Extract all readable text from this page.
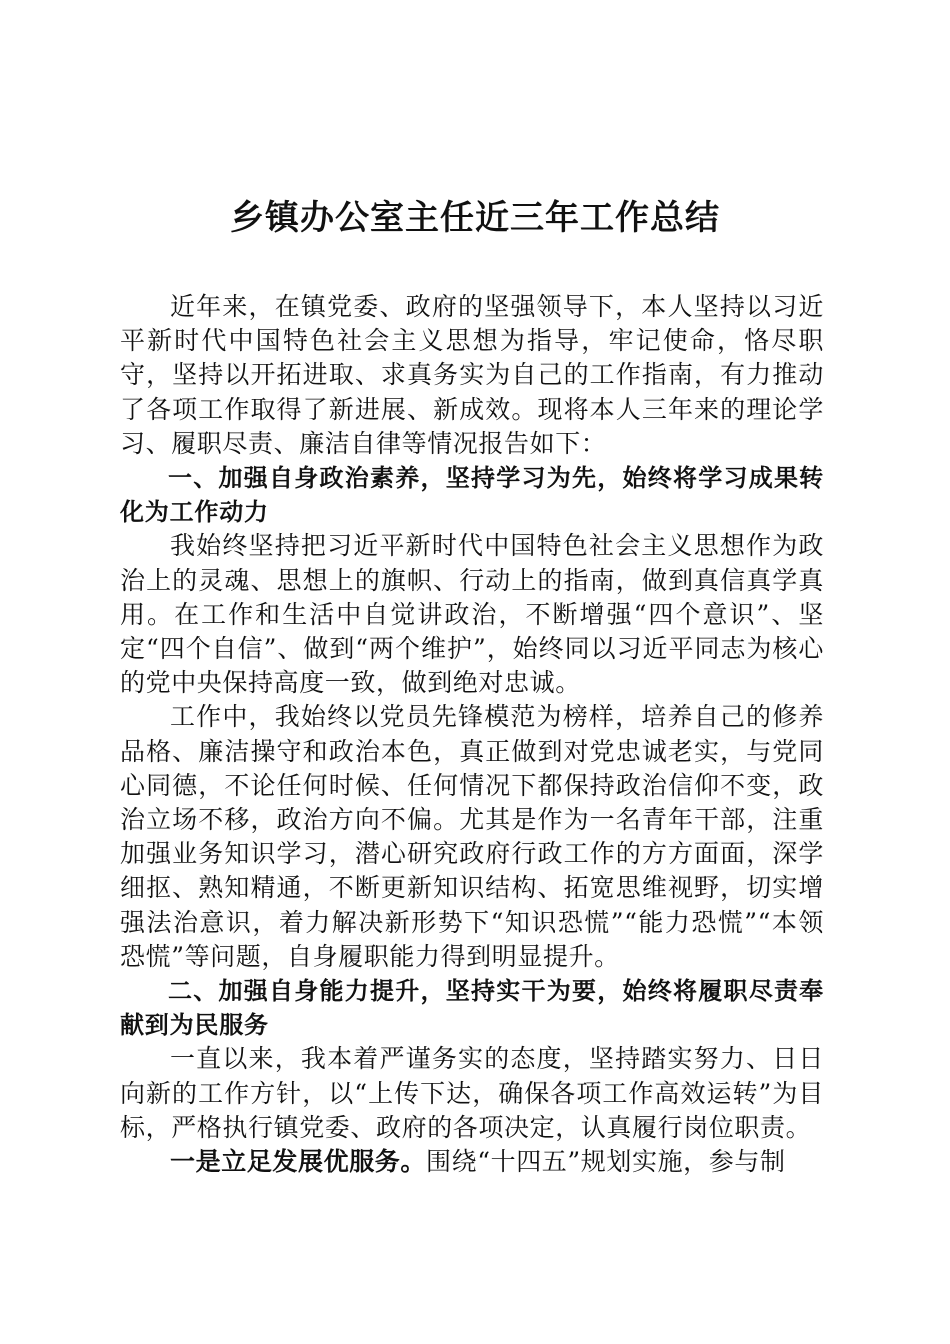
乡镇办公室主任近三年工作总结

近年来，在镇党委、政府的坚强领导下，本人坚持以习近平新时代中国特色社会主义思想为指导，牢记使命，恪尽职守，坚持以开拓进取、求真务实为自己的工作指南，有力推动了各项工作取得了新进展、新成效。现将本人三年来的理论学习、履职尽责、廉洁自律等情况报告如下：

一、加强自身政治素养，坚持学习为先，始终将学习成果转化为工作动力

我始终坚持把习近平新时代中国特色社会主义思想作为政治上的灵魂、思想上的旗帜、行动上的指南，做到真信真学真用。在工作和生活中自觉讲政治，不断增强“四个意识”、坚定“四个自信”、做到“两个维护”，始终同以习近平同志为核心的党中央保持高度一致，做到绝对忠诚。

工作中，我始终以党员先锋模范为榜样，培养自己的修养品格、廉洁操守和政治本色，真正做到对党忠诚老实，与党同心同德，不论任何时候、任何情况下都保持政治信仰不变，政治立场不移，政治方向不偏。尤其是作为一名青年干部，注重加强业务知识学习，潜心研究政府行政工作的方方面面，深学细抠、熟知精通，不断更新知识结构、拓宽思维视野，切实增强法治意识，着力解决新形势下“知识恐慌”“能力恐慌”“本领恐慌”等问题，自身履职能力得到明显提升。

二、加强自身能力提升，坚持实干为要，始终将履职尽责奉献到为民服务

一直以来，我本着严谨务实的态度，坚持踏实努力、日日向新的工作方针，以“上传下达，确保各项工作高效运转”为目标，严格执行镇党委、政府的各项决定，认真履行岗位职责。

一是立足发展优服务。围绕“十四五”规划实施，参与制
